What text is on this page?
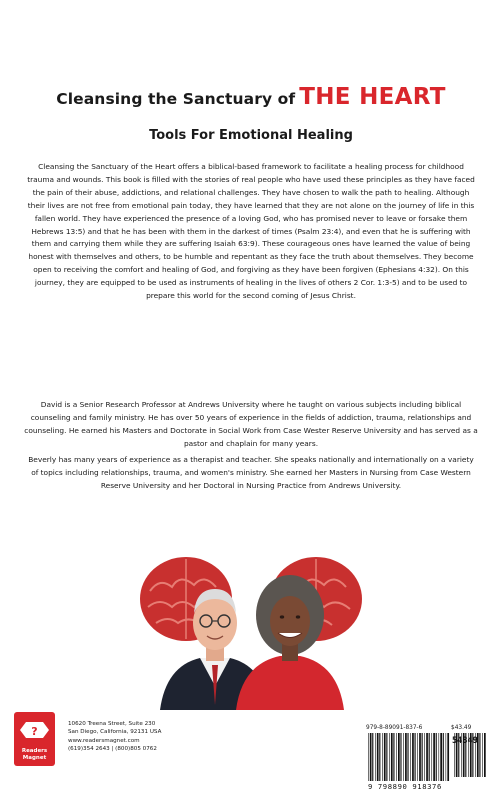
Cleansing the Sanctuary of THE HEART
Tools For Emotional Healing

Cleansing the Sanctuary of the Heart offers a biblical-based framework to facilitate a healing process for childhood trauma and wounds. This book is filled with the stories of real people who have used these principles as they have faced the pain of their abuse, addictions, and relational challenges. They have chosen to walk the path to healing. Although their lives are not free from emotional pain today, they have learned that they are not alone on the journey of life in this fallen world. They have experienced the presence of a loving God, who has promised never to leave or forsake them Hebrews 13:5) and that he has been with them in the darkest of times (Psalm 23:4), and even that he is suffering with them and carrying them while they are suffering Isaiah 63:9). These courageous ones have learned the value of being honest with themselves and others, to be humble and repentant as they face the truth about themselves. They become open to receiving the comfort and healing of God, and forgiving as they have been forgiven (Ephesians 4:32). On this journey, they are equipped to be used as instruments of healing in the lives of others 2 Cor. 1:3-5) and to be used to prepare this world for the second coming of Jesus Christ.

David is a Senior Research Professor at Andrews University where he taught on various subjects including biblical counseling and family ministry. He has over 50 years of experience in the fields of addiction, trauma, relationships and counseling. He earned his Masters and Doctorate in Social Work from Case Wester Reserve University and has served as a pastor and chaplain for many years.

Beverly has many years of experience as a therapist and teacher. She speaks nationally and internationally on a variety of topics including relationships, trauma, and women's ministry. She earned her Masters in Nursing from Case Western Reserve University and her Doctoral in Nursing Practice from Andrews University.

?
Readers
Magnet
10620 Treena Street, Suite 230
San Diego, California, 92131 USA
www.readersmagnet.com
(619)354 2643 | (800)805 0762
979-8-89091-837-6	$43.49
54349
9 798890 918376
